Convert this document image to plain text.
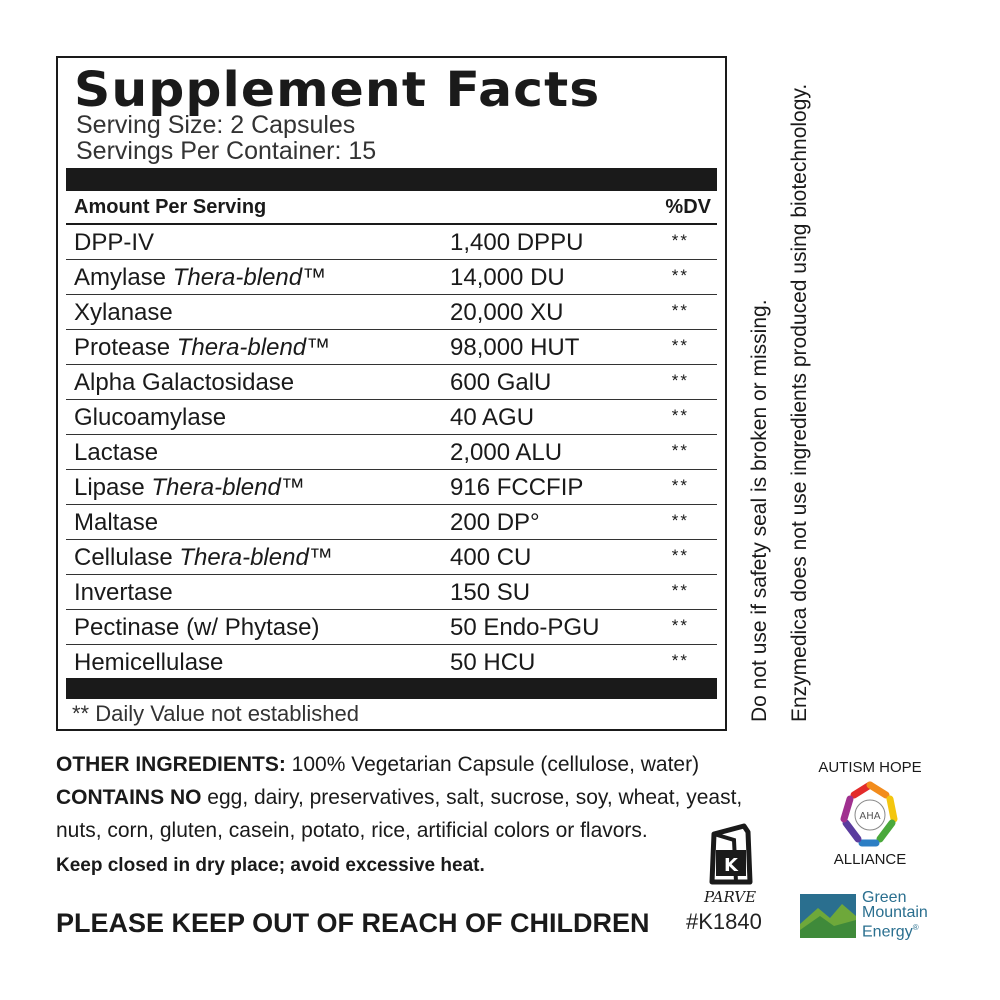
Supplement Facts
Serving Size: 2 Capsules
Servings Per Container: 15
Amount Per Serving	%DV
DPP-IV	1,400 DPPU	**
Amylase Thera-blend™	14,000 DU	**
Xylanase	20,000 XU	**
Protease Thera-blend™	98,000 HUT	**
Alpha Galactosidase	600 GalU	**
Glucoamylase	40 AGU	**
Lactase	2,000 ALU	**
Lipase Thera-blend™	916 FCCFIP	**
Maltase	200 DP°	**
Cellulase Thera-blend™	400 CU	**
Invertase	150 SU	**
Pectinase (w/ Phytase)	50 Endo-PGU	**
Hemicellulase	50 HCU	**
** Daily Value not established	Do not use if safety seal is broken or missing. Enzymedica does not use ingredients produced using biotechnology.

OTHER INGREDIENTS: 100% Vegetarian Capsule (cellulose, water)

CONTAINS NO egg, dairy, preservatives, salt, sucrose, soy, wheat, yeast,

nuts, corn, gluten, casein, potato, rice, artificial colors or flavors.

Keep closed in dry place; avoid excessive heat.

PLEASE KEEP OUT OF REACH OF CHILDREN
K
PARVE
#K1840
AUTISM HOPE
AHA
ALLIANCE
Green
Mountain
Energy®
